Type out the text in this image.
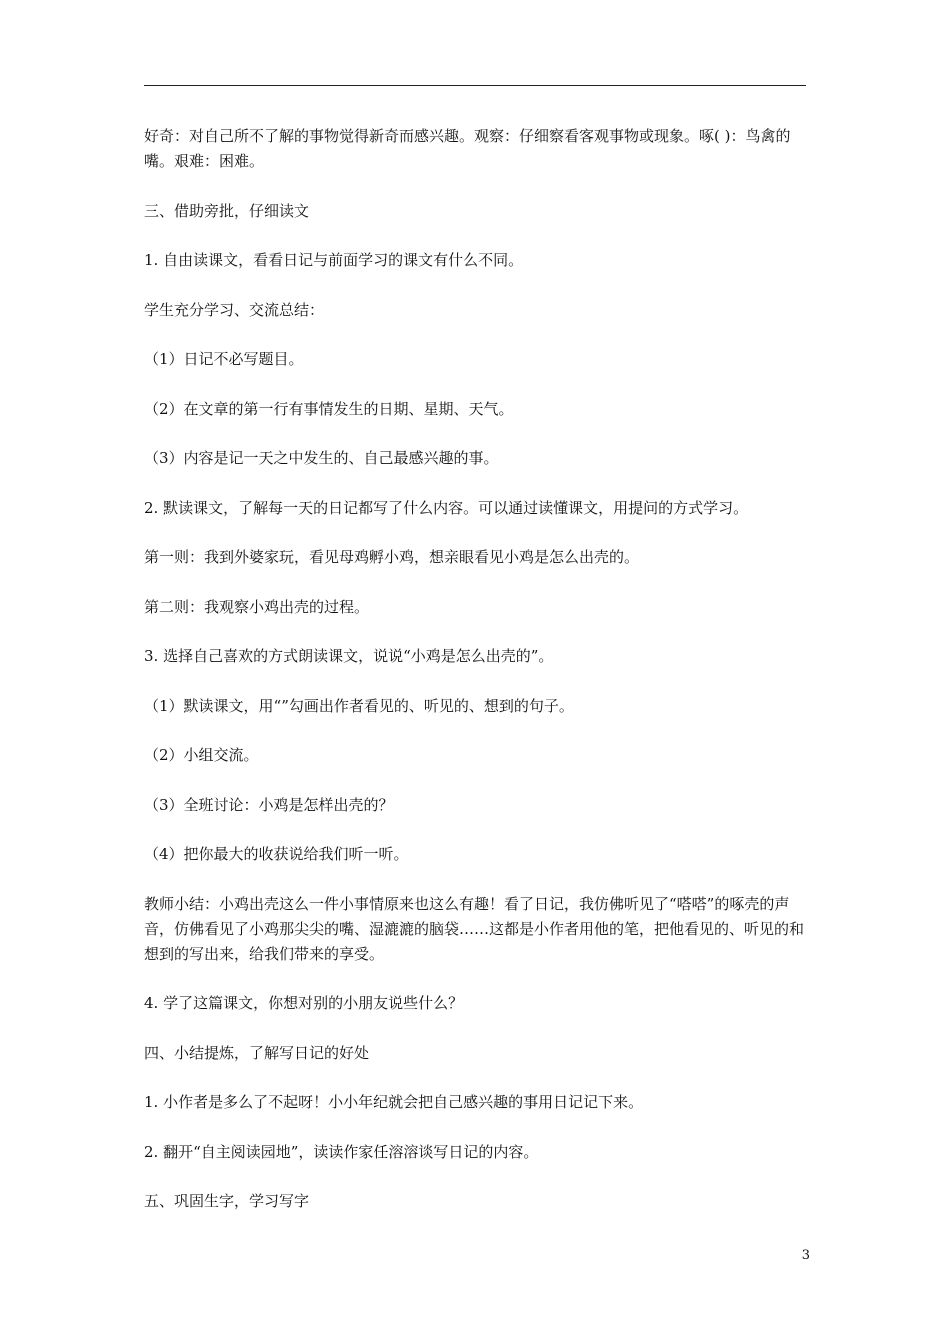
好奇：对自己所不了解的事物觉得新奇而感兴趣。观察：仔细察看客观事物或现象。啄( )：鸟禽的嘴。艰难：困难。

三、借助旁批，仔细读文

1. 自由读课文，看看日记与前面学习的课文有什么不同。

学生充分学习、交流总结：

（1）日记不必写题目。

（2）在文章的第一行有事情发生的日期、星期、天气。

（3）内容是记一天之中发生的、自己最感兴趣的事。

2. 默读课文，了解每一天的日记都写了什么内容。可以通过读懂课文，用提问的方式学习。

第一则：我到外婆家玩，看见母鸡孵小鸡，想亲眼看见小鸡是怎么出壳的。

第二则：我观察小鸡出壳的过程。

3. 选择自己喜欢的方式朗读课文，说说“小鸡是怎么出壳的”。

（1）默读课文，用“”勾画出作者看见的、听见的、想到的句子。

（2）小组交流。

（3）全班讨论：小鸡是怎样出壳的？

（4）把你最大的收获说给我们听一听。

教师小结：小鸡出壳这么一件小事情原来也这么有趣！看了日记，我仿佛听见了“嗒嗒”的啄壳的声音，仿佛看见了小鸡那尖尖的嘴、湿漉漉的脑袋……这都是小作者用他的笔，把他看见的、听见的和想到的写出来，给我们带来的享受。

4. 学了这篇课文，你想对别的小朋友说些什么？

四、小结提炼，了解写日记的好处

1. 小作者是多么了不起呀！小小年纪就会把自己感兴趣的事用日记记下来。

2. 翻开“自主阅读园地”，读读作家任溶溶谈写日记的内容。

五、巩固生字，学习写字

3
